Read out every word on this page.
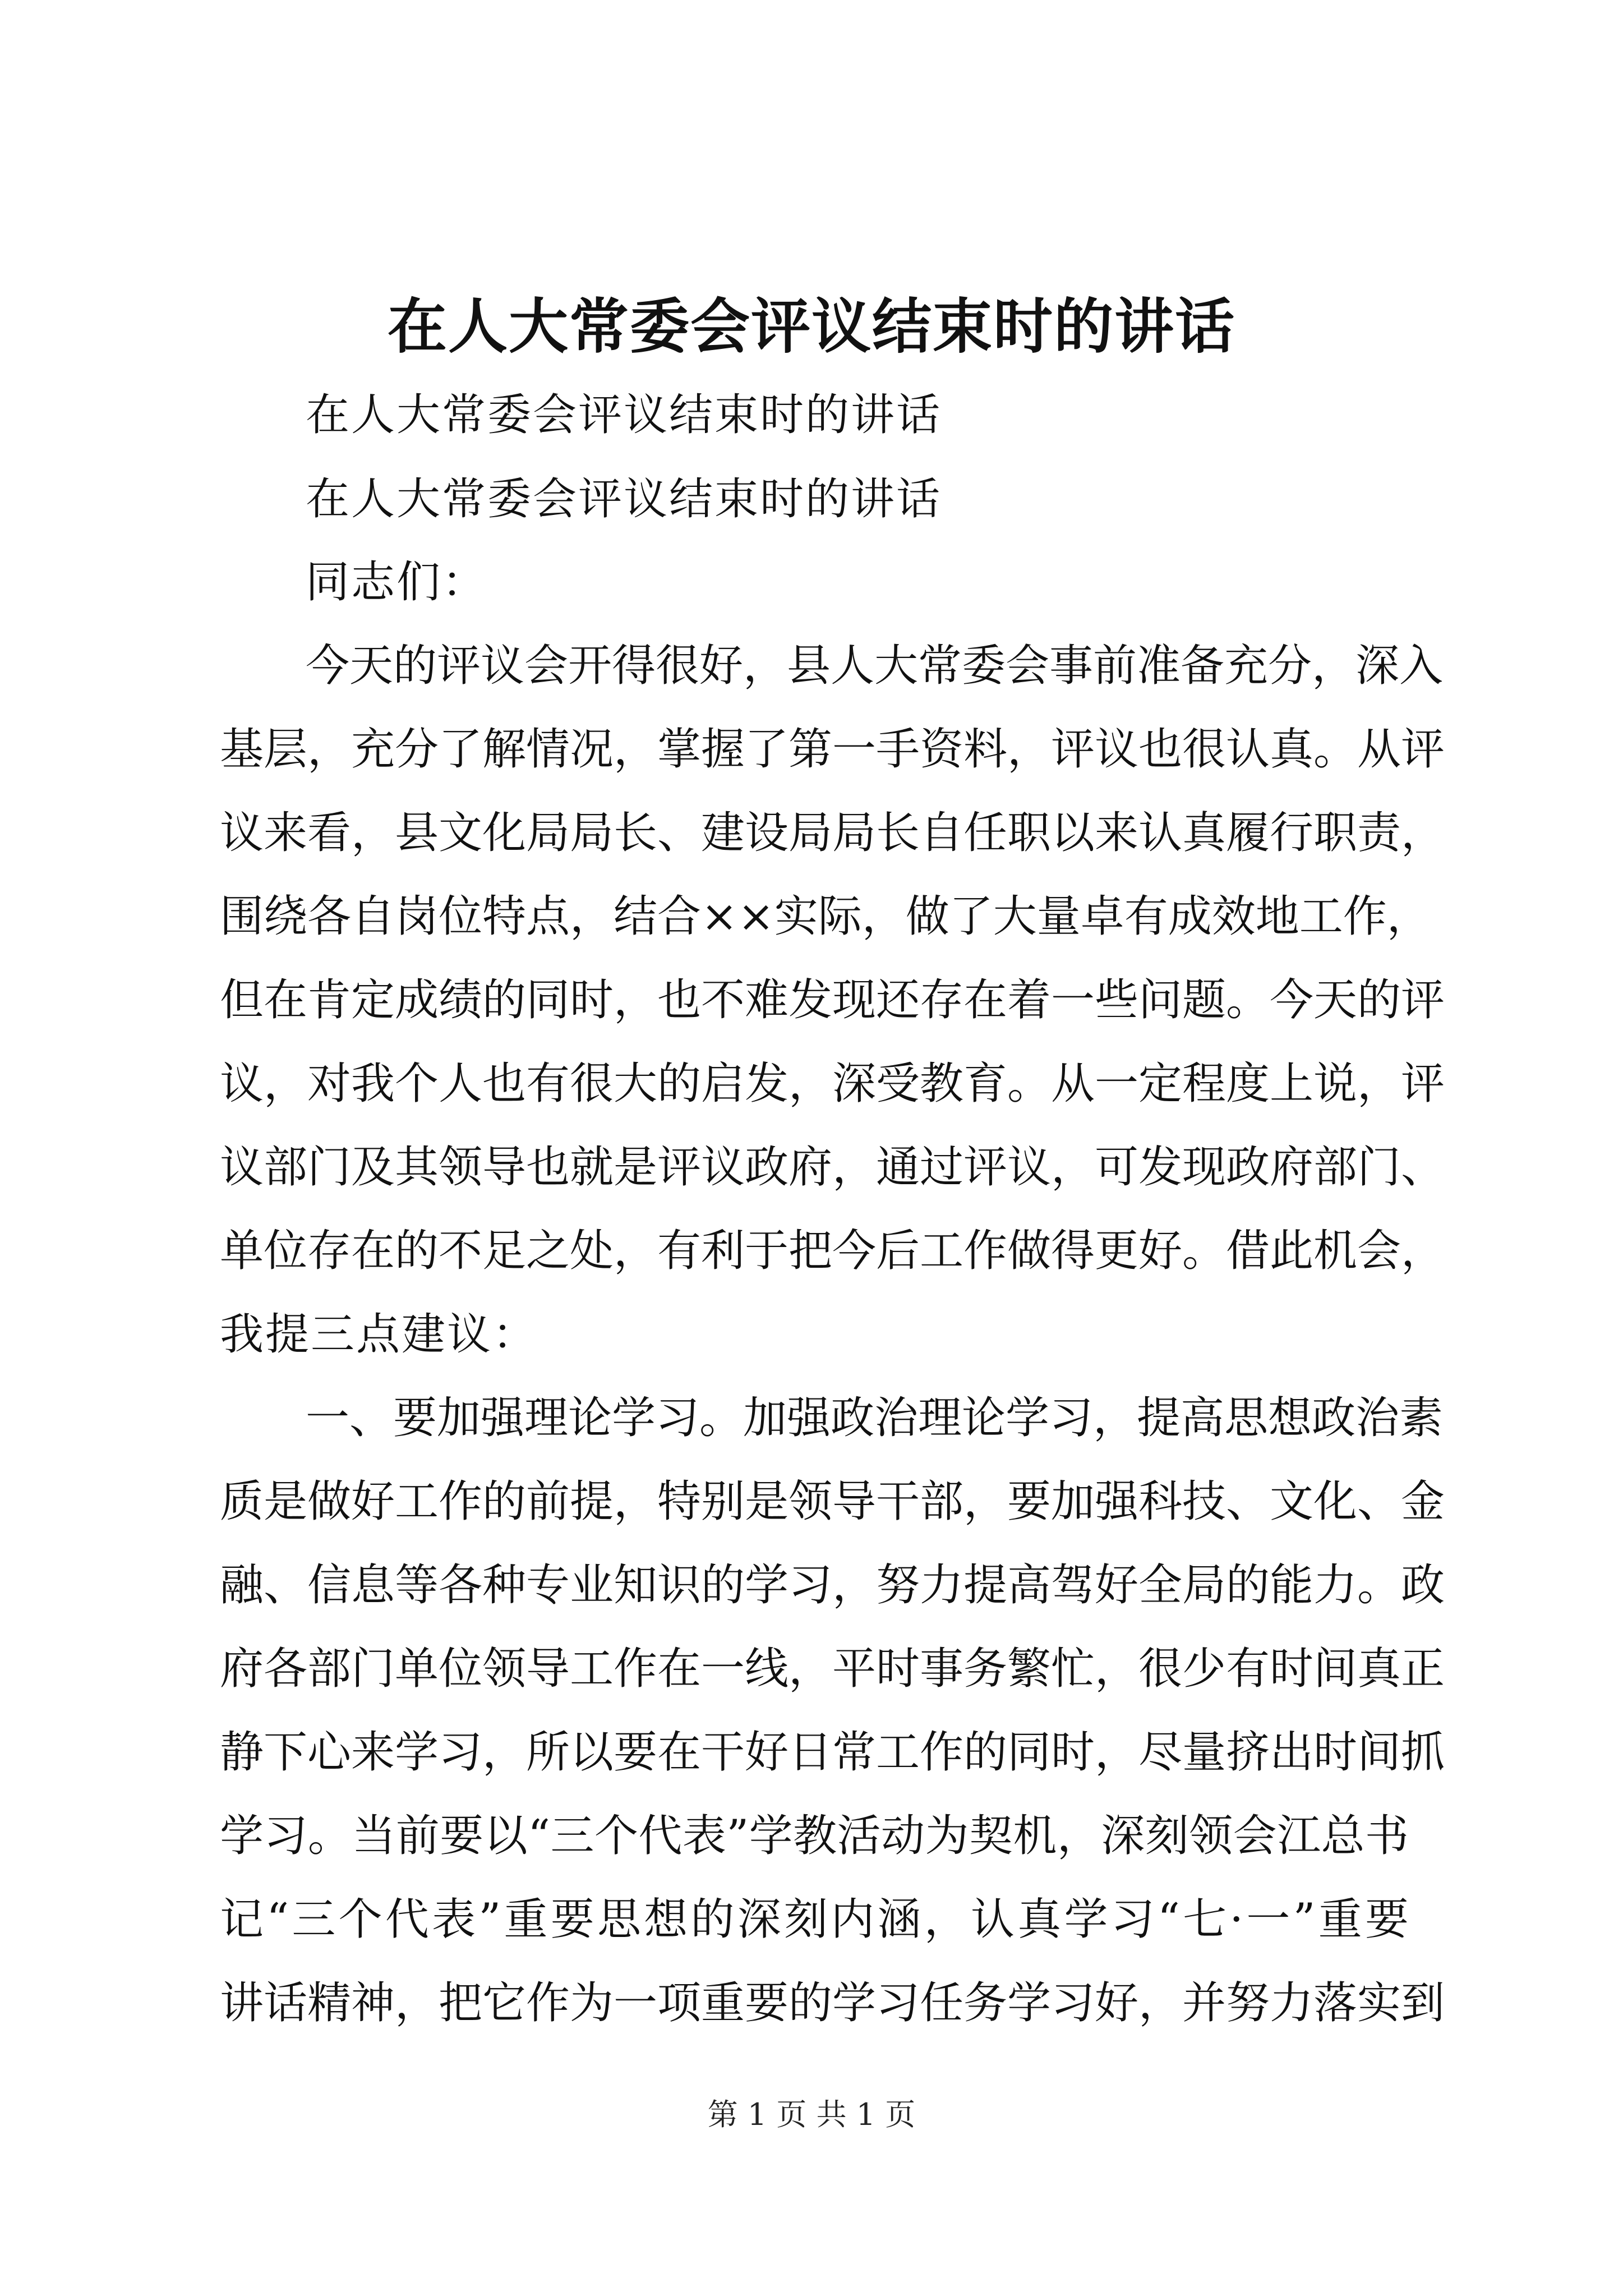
在人大常委会评议结束时的讲话

在人大常委会评议结束时的讲话

在人大常委会评议结束时的讲话

同志们：

今天的评议会开得很好，县人大常委会事前准备充分，深入

基层，充分了解情况，掌握了第一手资料，评议也很认真。从评

议来看，县文化局局长、建设局局长自任职以来认真履行职责，

围绕各自岗位特点，结合××实际，做了大量卓有成效地工作，

但在肯定成绩的同时，也不难发现还存在着一些问题。今天的评

议，对我个人也有很大的启发，深受教育。从一定程度上说，评

议部门及其领导也就是评议政府，通过评议，可发现政府部门、

单位存在的不足之处，有利于把今后工作做得更好。借此机会，

我提三点建议：

一、要加强理论学习。加强政治理论学习，提高思想政治素

质是做好工作的前提，特别是领导干部，要加强科技、文化、金

融、信息等各种专业知识的学习，努力提高驾好全局的能力。政

府各部门单位领导工作在一线，平时事务繁忙，很少有时间真正

静下心来学习，所以要在干好日常工作的同时，尽量挤出时间抓

学习。当前要以“三个代表”学教活动为契机，深刻领会江总书

记“三个代表”重要思想的深刻内涵，认真学习“七·一”重要

讲话精神，把它作为一项重要的学习任务学习好，并努力落实到

第 1 页 共 1 页
